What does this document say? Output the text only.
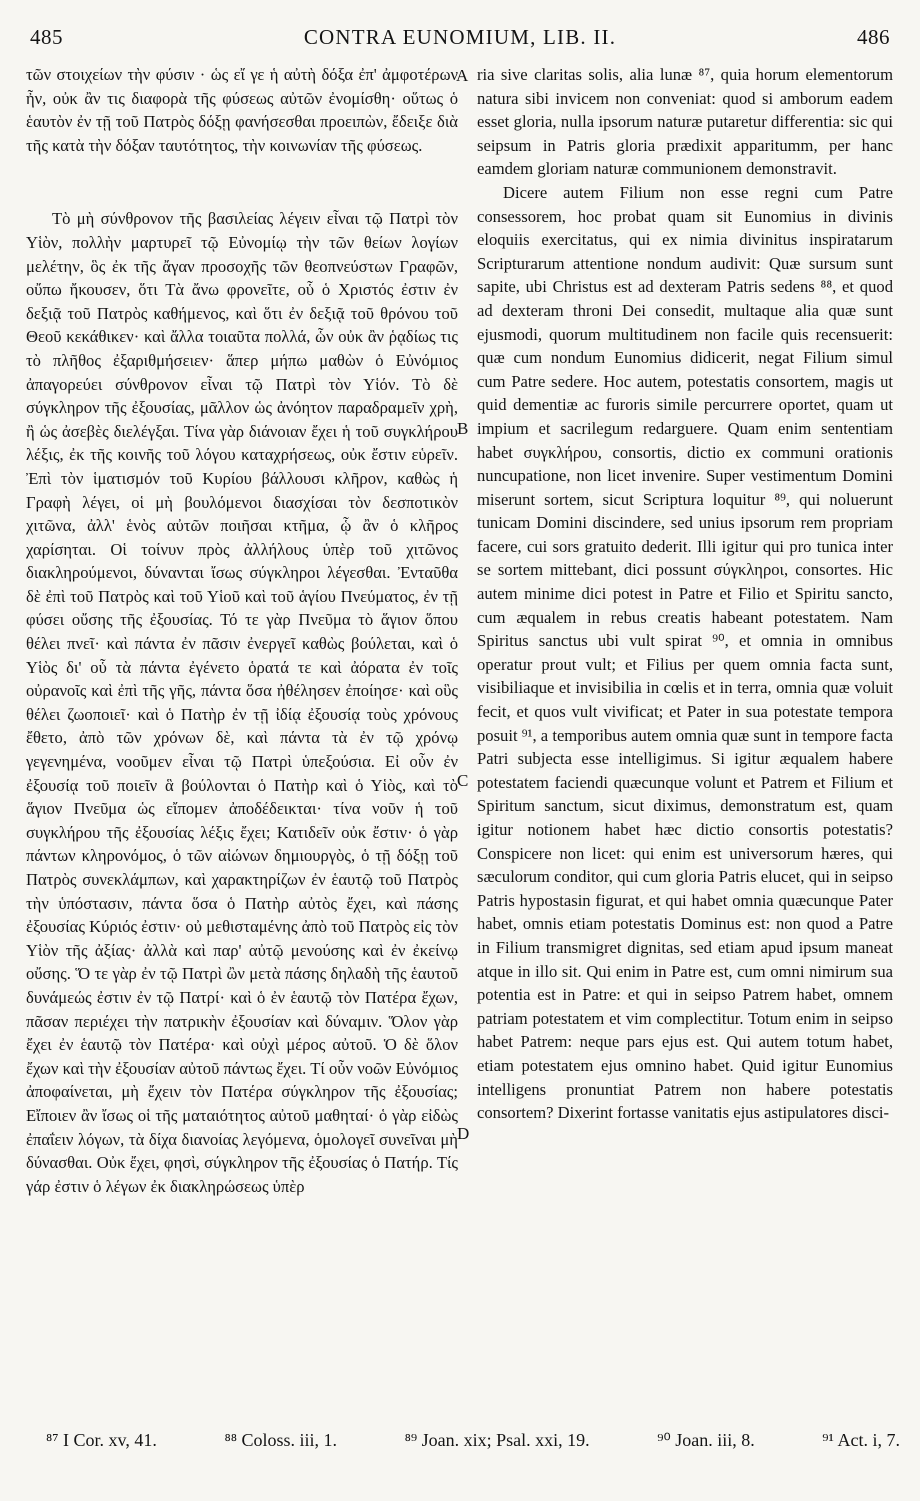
485	CONTRA EUNOMIUM, LIB. II.	486

τῶν στοιχείων τὴν φύσιν · ὡς εἴ γε ἡ αὐτὴ δόξα ἐπ' ἀμφοτέρων ἦν, οὐκ ἂν τις διαφορὰ τῆς φύσεως αὐτῶν ἐνομίσθη· οὕτως ὁ ἑαυτὸν ἐν τῇ τοῦ Πατρὸς δόξῃ φανήσεσθαι προειπὼν, ἔδειξε διὰ τῆς κατὰ τὴν δόξαν ταυτότητος, τὴν κοινωνίαν τῆς φύσεως.

Τὸ μὴ σύνθρονον τῆς βασιλείας λέγειν εἶναι τῷ Πατρὶ τὸν Υἱὸν, πολλὴν μαρτυρεῖ τῷ Εὐνομίῳ τὴν τῶν θείων λογίων μελέτην, ὃς ἐκ τῆς ἄγαν προσοχῆς τῶν θεοπνεύστων Γραφῶν, οὔπω ἤκουσεν, ὅτι Τὰ ἄνω φρονεῖτε, οὗ ὁ Χριστός ἐστιν ἐν δεξιᾷ τοῦ Πατρὸς καθήμενος, καὶ ὅτι ἐν δεξιᾷ τοῦ θρόνου τοῦ Θεοῦ κεκάθικεν· καὶ ἄλλα τοιαῦτα πολλά, ὧν οὐκ ἂν ῥᾳδίως τις τὸ πλῆθος ἐξαριθμήσειεν· ἅπερ μήπω μαθὼν ὁ Εὐνόμιος ἀπαγορεύει σύνθρονον εἶναι τῷ Πατρὶ τὸν Υἱόν. Τὸ δὲ σύγκληρον τῆς ἐξουσίας, μᾶλλον ὡς ἀνόητον παραδραμεῖν χρὴ, ἢ ὡς ἀσεβὲς διελέγξαι. Τίνα γὰρ διάνοιαν ἔχει ἡ τοῦ συγκλήρου λέξις, ἐκ τῆς κοινῆς τοῦ λόγου καταχρήσεως, οὐκ ἔστιν εὑρεῖν. Ἐπὶ τὸν ἱματισμόν τοῦ Κυρίου βάλλουσι κλῆρον, καθὼς ἡ Γραφὴ λέγει, οἱ μὴ βουλόμενοι διασχίσαι τὸν δεσποτικὸν χιτῶνα, ἀλλ' ἑνὸς αὐτῶν ποιῆσαι κτῆμα, ᾧ ἂν ὁ κλῆρος χαρίσηται. Οἱ τοίνυν πρὸς ἀλλήλους ὑπὲρ τοῦ χιτῶνος διακληρούμενοι, δύνανται ἴσως σύγκληροι λέγεσθαι. Ἐνταῦθα δὲ ἐπὶ τοῦ Πατρὸς καὶ τοῦ Υἱοῦ καὶ τοῦ ἁγίου Πνεύματος, ἐν τῇ φύσει οὔσης τῆς ἐξουσίας. Τό τε γὰρ Πνεῦμα τὸ ἅγιον ὅπου θέλει πνεῖ· καὶ πάντα ἐν πᾶσιν ἐνεργεῖ καθὼς βούλεται, καὶ ὁ Υἱὸς δι' οὗ τὰ πάντα ἐγένετο ὁρατά τε καὶ ἀόρατα ἐν τοῖς οὐρανοῖς καὶ ἐπὶ τῆς γῆς, πάντα ὅσα ἠθέλησεν ἐποίησε· καὶ οὓς θέλει ζωοποιεῖ· καὶ ὁ Πατὴρ ἐν τῇ ἰδίᾳ ἐξουσίᾳ τοὺς χρόνους ἔθετο, ἀπὸ τῶν χρόνων δὲ, καὶ πάντα τὰ ἐν τῷ χρόνῳ γεγενημένα, νοοῦμεν εἶναι τῷ Πατρὶ ὑπεξούσια. Εἰ οὖν ἐν ἐξουσίᾳ τοῦ ποιεῖν ἃ βούλονται ὁ Πατὴρ καὶ ὁ Υἱὸς, καὶ τὸ ἅγιον Πνεῦμα ὡς εἴπομεν ἀποδέδεικται· τίνα νοῦν ἡ τοῦ συγκλήρου τῆς ἐξουσίας λέξις ἔχει; Κατιδεῖν οὐκ ἔστιν· ὁ γὰρ πάντων κληρονόμος, ὁ τῶν αἰώνων δημιουργὸς, ὁ τῇ δόξῃ τοῦ Πατρὸς συνεκλάμπων, καὶ χαρακτηρίζων ἐν ἑαυτῷ τοῦ Πατρὸς τὴν ὑπόστασιν, πάντα ὅσα ὁ Πατὴρ αὐτὸς ἔχει, καὶ πάσης ἐξουσίας Κύριός ἐστιν· οὐ μεθισταμένης ἀπὸ τοῦ Πατρὸς εἰς τὸν Υἱὸν τῆς ἀξίας· ἀλλὰ καὶ παρ' αὐτῷ μενούσης καὶ ἐν ἐκείνῳ οὔσης. Ὅ τε γὰρ ἐν τῷ Πατρὶ ὢν μετὰ πάσης δηλαδὴ τῆς ἑαυτοῦ δυνάμεώς ἐστιν ἐν τῷ Πατρί· καὶ ὁ ἐν ἑαυτῷ τὸν Πατέρα ἔχων, πᾶσαν περιέχει τὴν πατρικὴν ἐξουσίαν καὶ δύναμιν. Ὅλον γὰρ ἔχει ἐν ἑαυτῷ τὸν Πατέρα· καὶ οὐχὶ μέρος αὐτοῦ. Ὁ δὲ ὅλον ἔχων καὶ τὴν ἐξουσίαν αὐτοῦ πάντως ἔχει. Τί οὖν νοῶν Εὐνόμιος ἀποφαίνεται, μὴ ἔχειν τὸν Πατέρα σύγκληρον τῆς ἐξουσίας; Εἴποιεν ἂν ἴσως οἱ τῆς ματαιότητος αὐτοῦ μαθηταί· ὁ γὰρ εἰδὼς ἐπαΐειν λόγων, τὰ δίχα διανοίας λεγόμενα, ὁμολογεῖ συνεῖναι μὴ δύνασθαι. Οὐκ ἔχει, φησὶ, σύγκληρον τῆς ἐξουσίας ὁ Πατήρ. Τίς γάρ ἐστιν ὁ λέγων ἐκ διακληρώσεως ὑπὲρ

ria sive claritas solis, alia lunæ ⁸⁷, quia horum elementorum natura sibi invicem non conveniat: quod si amborum eadem esset gloria, nulla ipsorum naturæ putaretur differentia: sic qui seipsum in Patris gloria prædixit apparitumm, per hanc eamdem gloriam naturæ communionem demonstravit.

Dicere autem Filium non esse regni cum Patre consessorem, hoc probat quam sit Eunomius in divinis eloquiis exercitatus, qui ex nimia divinitus inspiratarum Scripturarum attentione nondum audivit: Quæ sursum sunt sapite, ubi Christus est ad dexteram Patris sedens ⁸⁸, et quod ad dexteram throni Dei consedit, multaque alia quæ sunt ejusmodi, quorum multitudinem non facile quis recensuerit: quæ cum nondum Eunomius didicerit, negat Filium simul cum Patre sedere. Hoc autem, potestatis consortem, magis ut quid dementiæ ac furoris simile percurrere oportet, quam ut impium et sacrilegum redarguere. Quam enim sententiam habet συγκλήρου, consortis, dictio ex communi orationis nuncupatione, non licet invenire. Super vestimentum Domini miserunt sortem, sicut Scriptura loquitur ⁸⁹, qui noluerunt tunicam Domini discindere, sed unius ipsorum rem propriam facere, cui sors gratuito dederit. Illi igitur qui pro tunica inter se sortem mittebant, dici possunt σύγκληροι, consortes. Hic autem minime dici potest in Patre et Filio et Spiritu sancto, cum æqualem in rebus creatis habeant potestatem. Nam Spiritus sanctus ubi vult spirat ⁹⁰, et omnia in omnibus operatur prout vult; et Filius per quem omnia facta sunt, visibiliaque et invisibilia in cœlis et in terra, omnia quæ voluit fecit, et quos vult vivificat; et Pater in sua potestate tempora posuit ⁹¹, a temporibus autem omnia quæ sunt in tempore facta Patri subjecta esse intelligimus. Si igitur æqualem habere potestatem faciendi quæcunque volunt et Patrem et Filium et Spiritum sanctum, sicut diximus, demonstratum est, quam igitur notionem habet hæc dictio consortis potestatis? Conspicere non licet: qui enim est universorum hæres, qui sæculorum conditor, qui cum gloria Patris elucet, qui in seipso Patris hypostasin figurat, et qui habet omnia quæcunque Pater habet, omnis etiam potestatis Dominus est: non quod a Patre in Filium transmigret dignitas, sed etiam apud ipsum maneat atque in illo sit. Qui enim in Patre est, cum omni nimirum sua potentia est in Patre: et qui in seipso Patrem habet, omnem patriam potestatem et vim complectitur. Totum enim in seipso habet Patrem: neque pars ejus est. Qui autem totum habet, etiam potestatem ejus omnino habet. Quid igitur Eunomius intelligens pronuntiat Patrem non habere potestatis consortem? Dixerint fortasse vanitatis ejus astipulatores disci-

A
B
C
D
⁸⁷ I Cor. xv, 41.	⁸⁸ Coloss. iii, 1.	⁸⁹ Joan. xix; Psal. xxi, 19.	⁹⁰ Joan. iii, 8.	⁹¹ Act. i, 7.
